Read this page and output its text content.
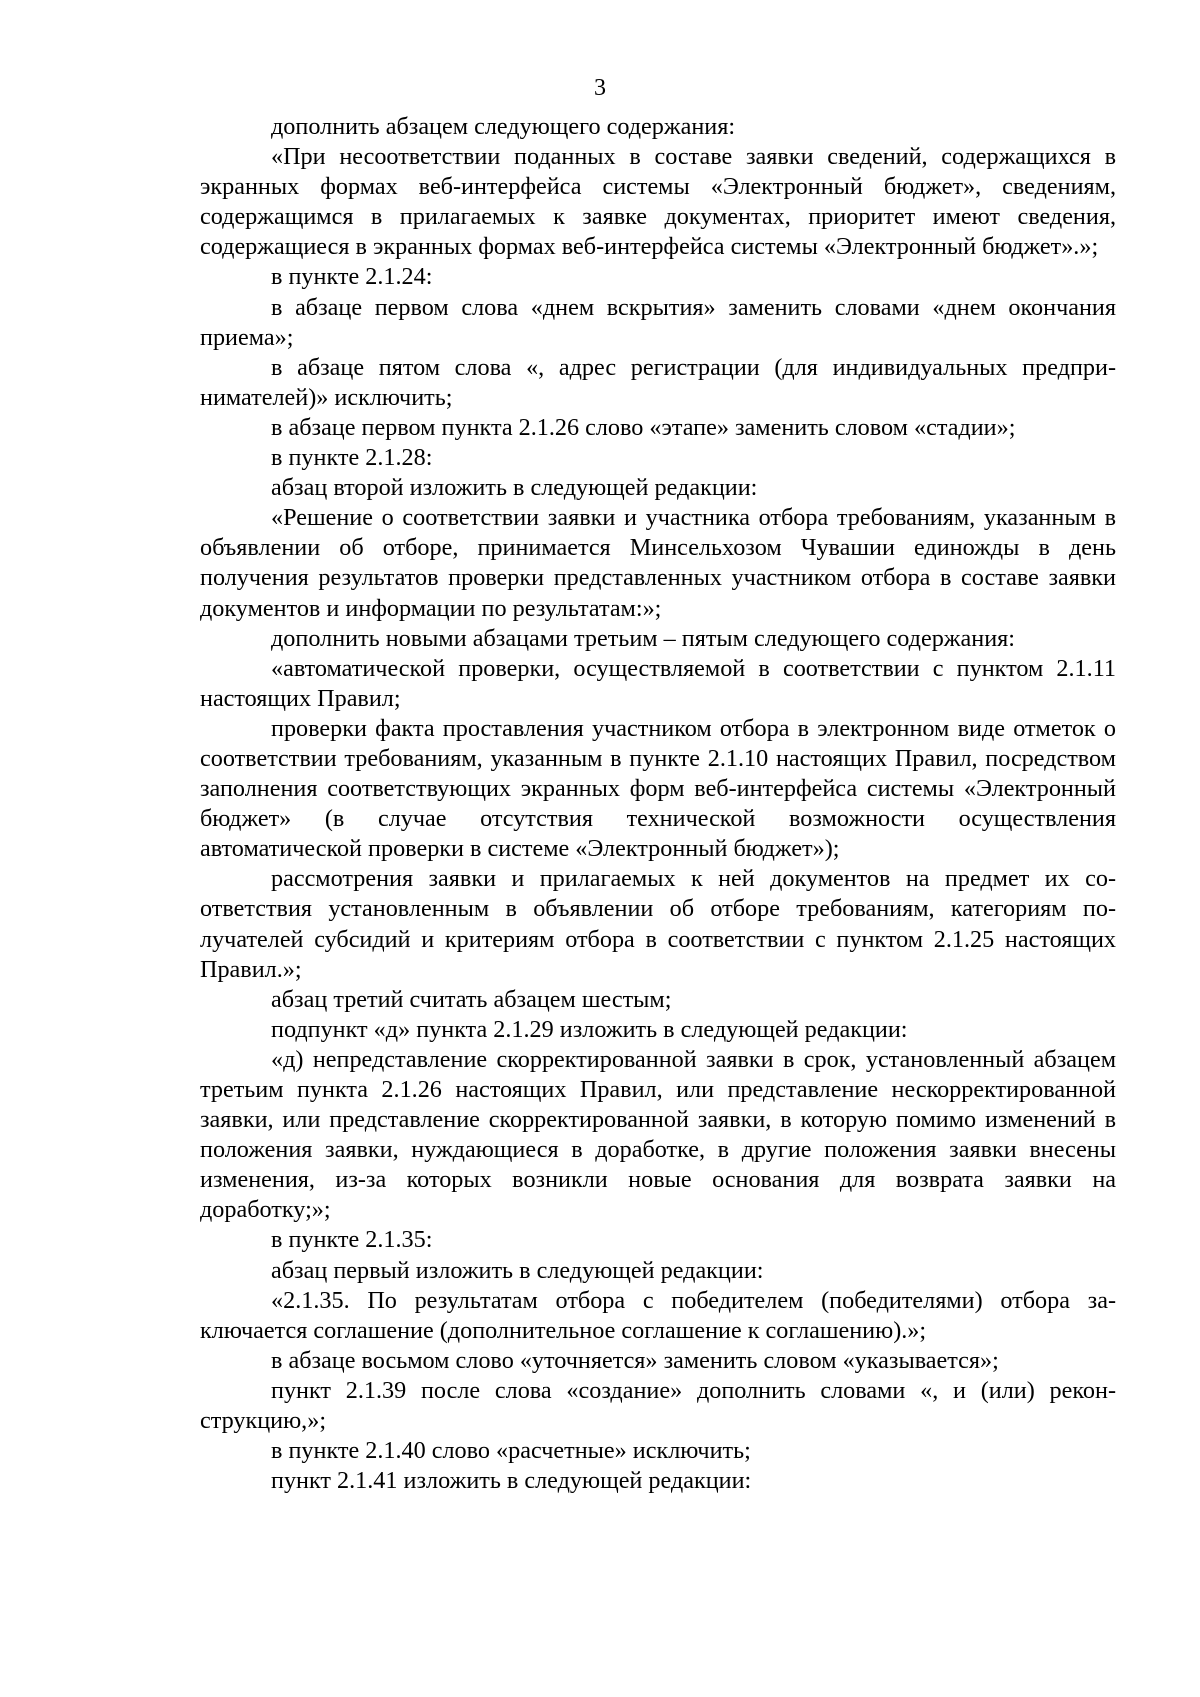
3

дополнить абзацем следующего содержания:

«При несоответствии поданных в составе заявки сведений, содержащихся в экранных формах веб-интерфейса системы «Электронный бюджет», сведениям, содержащимся в прилагаемых к заявке документах, приоритет имеют сведения, содержащиеся в экранных формах веб-интерфейса системы «Электронный бюджет».»;

в пункте 2.1.24:

в абзаце первом слова «днем вскрытия» заменить словами «днем окончания приема»;

в абзаце пятом слова «, адрес регистрации (для индивидуальных предпринимателей)» исключить;

в абзаце первом пункта 2.1.26 слово «этапе» заменить словом «стадии»;

в пункте 2.1.28:

абзац второй изложить в следующей редакции:

«Решение о соответствии заявки и участника отбора требованиям, указанным в объявлении об отборе, принимается Минсельхозом Чувашии единожды в день получения результатов проверки представленных участником отбора в составе заявки документов и информации по результатам:»;

дополнить новыми абзацами третьим – пятым следующего содержания:

«автоматической проверки, осуществляемой в соответствии с пунктом 2.1.11 настоящих Правил;

проверки факта проставления участником отбора в электронном виде отметок о соответствии требованиям, указанным в пункте 2.1.10 настоящих Правил, посредством заполнения соответствующих экранных форм веб-интерфейса системы «Электронный бюджет» (в случае отсутствия технической возможности осуществления автоматической проверки в системе «Электронный бюджет»);

рассмотрения заявки и прилагаемых к ней документов на предмет их соответствия установленным в объявлении об отборе требованиям, категориям получателей субсидий и критериям отбора в соответствии с пунктом 2.1.25 настоящих Правил.»;

абзац третий считать абзацем шестым;

подпункт «д» пункта 2.1.29 изложить в следующей редакции:

«д) непредставление скорректированной заявки в срок, установленный абзацем третьим пункта 2.1.26 настоящих Правил, или представление нескорректированной заявки, или представление скорректированной заявки, в которую помимо изменений в положения заявки, нуждающиеся в доработке, в другие положения заявки внесены изменения, из-за которых возникли новые основания для возврата заявки на доработку;»;

в пункте 2.1.35:

абзац первый изложить в следующей редакции:

«2.1.35. По результатам отбора с победителем (победителями) отбора заключается соглашение (дополнительное соглашение к соглашению).»;

в абзаце восьмом слово «уточняется» заменить словом «указывается»;

пункт 2.1.39 после слова «создание» дополнить словами «, и (или) реконструкцию,»;

в пункте 2.1.40 слово «расчетные» исключить;

пункт 2.1.41 изложить в следующей редакции:
